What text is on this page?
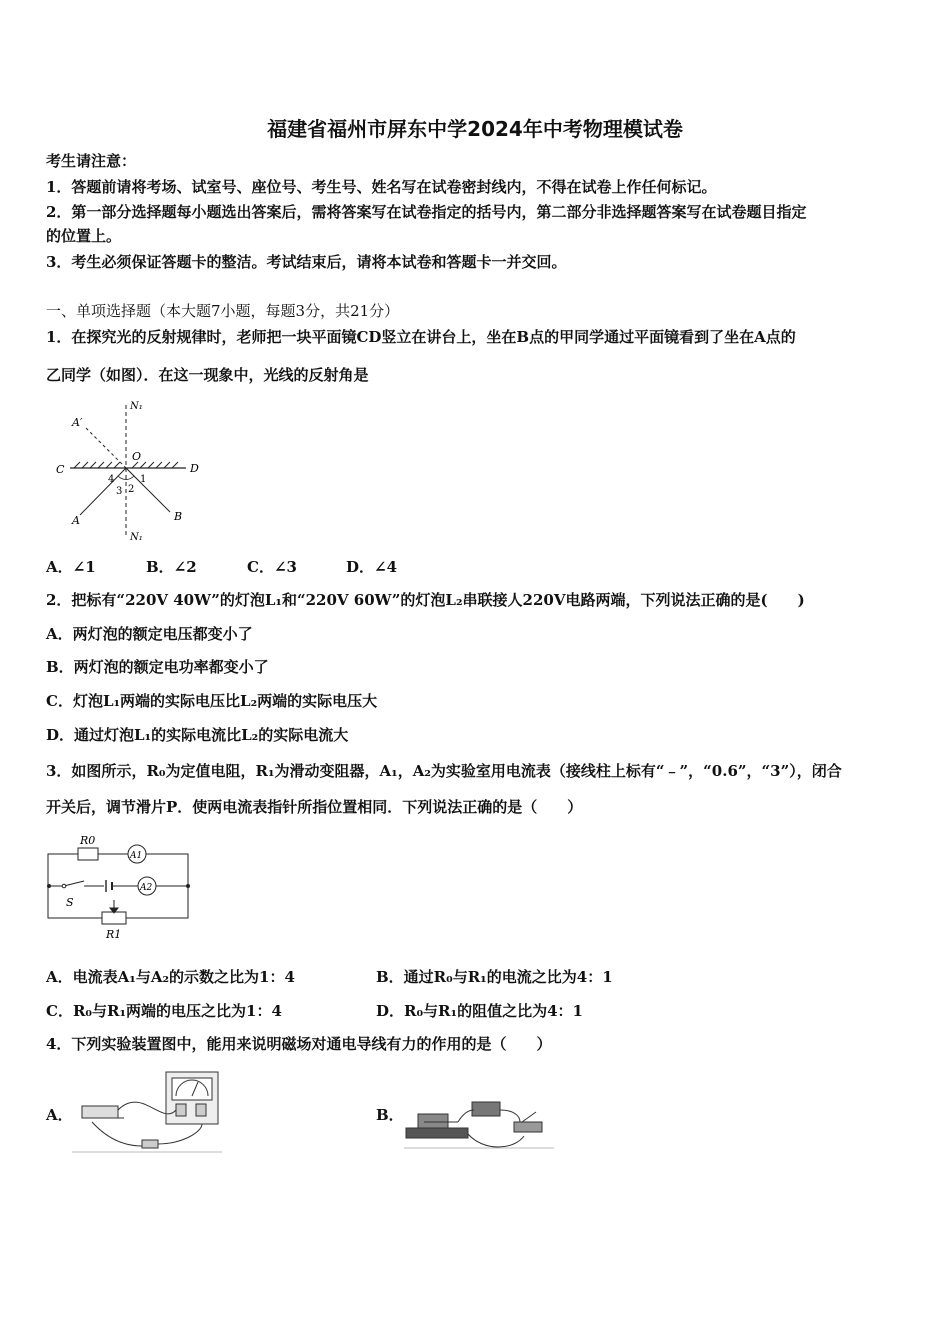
福建省福州市屏东中学2024年中考物理模试卷
考生请注意：
1．答题前请将考场、试室号、座位号、考生号、姓名写在试卷密封线内，不得在试卷上作任何标记。
2．第一部分选择题每小题选出答案后，需将答案写在试卷指定的括号内，第二部分非选择题答案写在试卷题目指定
的位置上。
3．考生必须保证答题卡的整洁。考试结束后，请将本试卷和答题卡一并交回。
一、单项选择题（本大题7小题，每题3分，共21分）
1．在探究光的反射规律时，老师把一块平面镜CD竖立在讲台上，坐在B点的甲同学通过平面镜看到了坐在A点的
乙同学（如图）．在这一现象中，光线的反射角是
N₁
A′
O
C	D
4	1
2
3
A	B
N₁
A．∠1	B．∠2	C．∠3	D．∠4
2．把标有“220V 40W”的灯泡L₁和“220V 60W”的灯泡L₂串联接人220V电路两端，下列说法正确的是(　　)
A．两灯泡的额定电压都变小了
B．两灯泡的额定电功率都变小了
C．灯泡L₁两端的实际电压比L₂两端的实际电压大
D．通过灯泡L₁的实际电流比L₂的实际电流大
3．如图所示，R₀为定值电阻，R₁为滑动变阻器，A₁，A₂为实验室用电流表（接线柱上标有“﹣”，“0.6”，“3”），闭合
开关后，调节滑片P．使两电流表指针所指位置相同．下列说法正确的是（　　）
R0
A1
A2
S
R1
A．电流表A₁与A₂的示数之比为1：4	B．通过R₀与R₁的电流之比为4：1
C．R₀与R₁两端的电压之比为1：4	D．R₀与R₁的阻值之比为4：1
4．下列实验装置图中，能用来说明磁场对通电导线有力的作用的是（　　）
A．	B．
